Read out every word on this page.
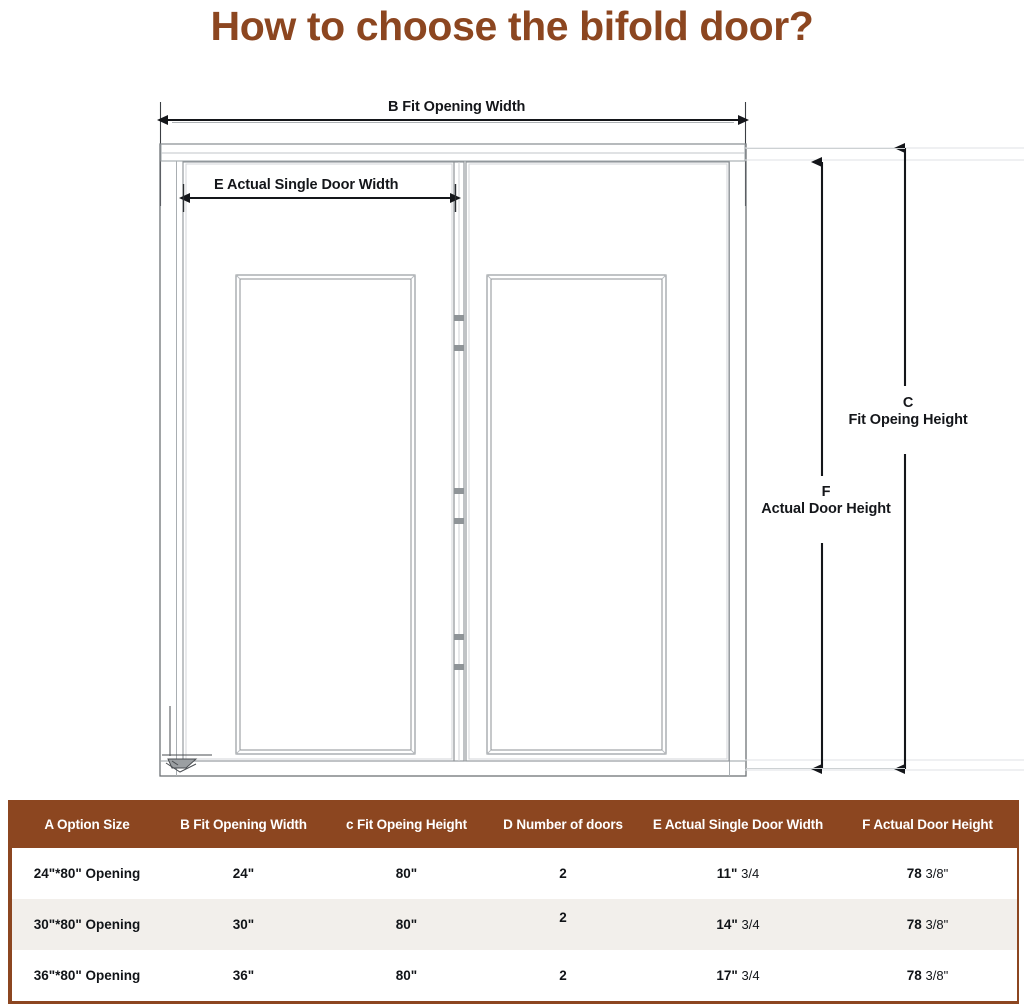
How to choose the bifold door?
B Fit Opening Width
E Actual Single Door Width
C
Fit Opeing Height
F
Actual Door Height
A Option Size	B Fit Opening Width	c Fit Opeing Height	D Number of doors	E Actual Single Door Width	F Actual Door Height
24"*80" Opening	24"	80"	2	11" 3/4	78 3/8"
30"*80" Opening	30"	80"	2	14" 3/4	78 3/8"
36"*80" Opening	36"	80"	2	17" 3/4	78 3/8"
